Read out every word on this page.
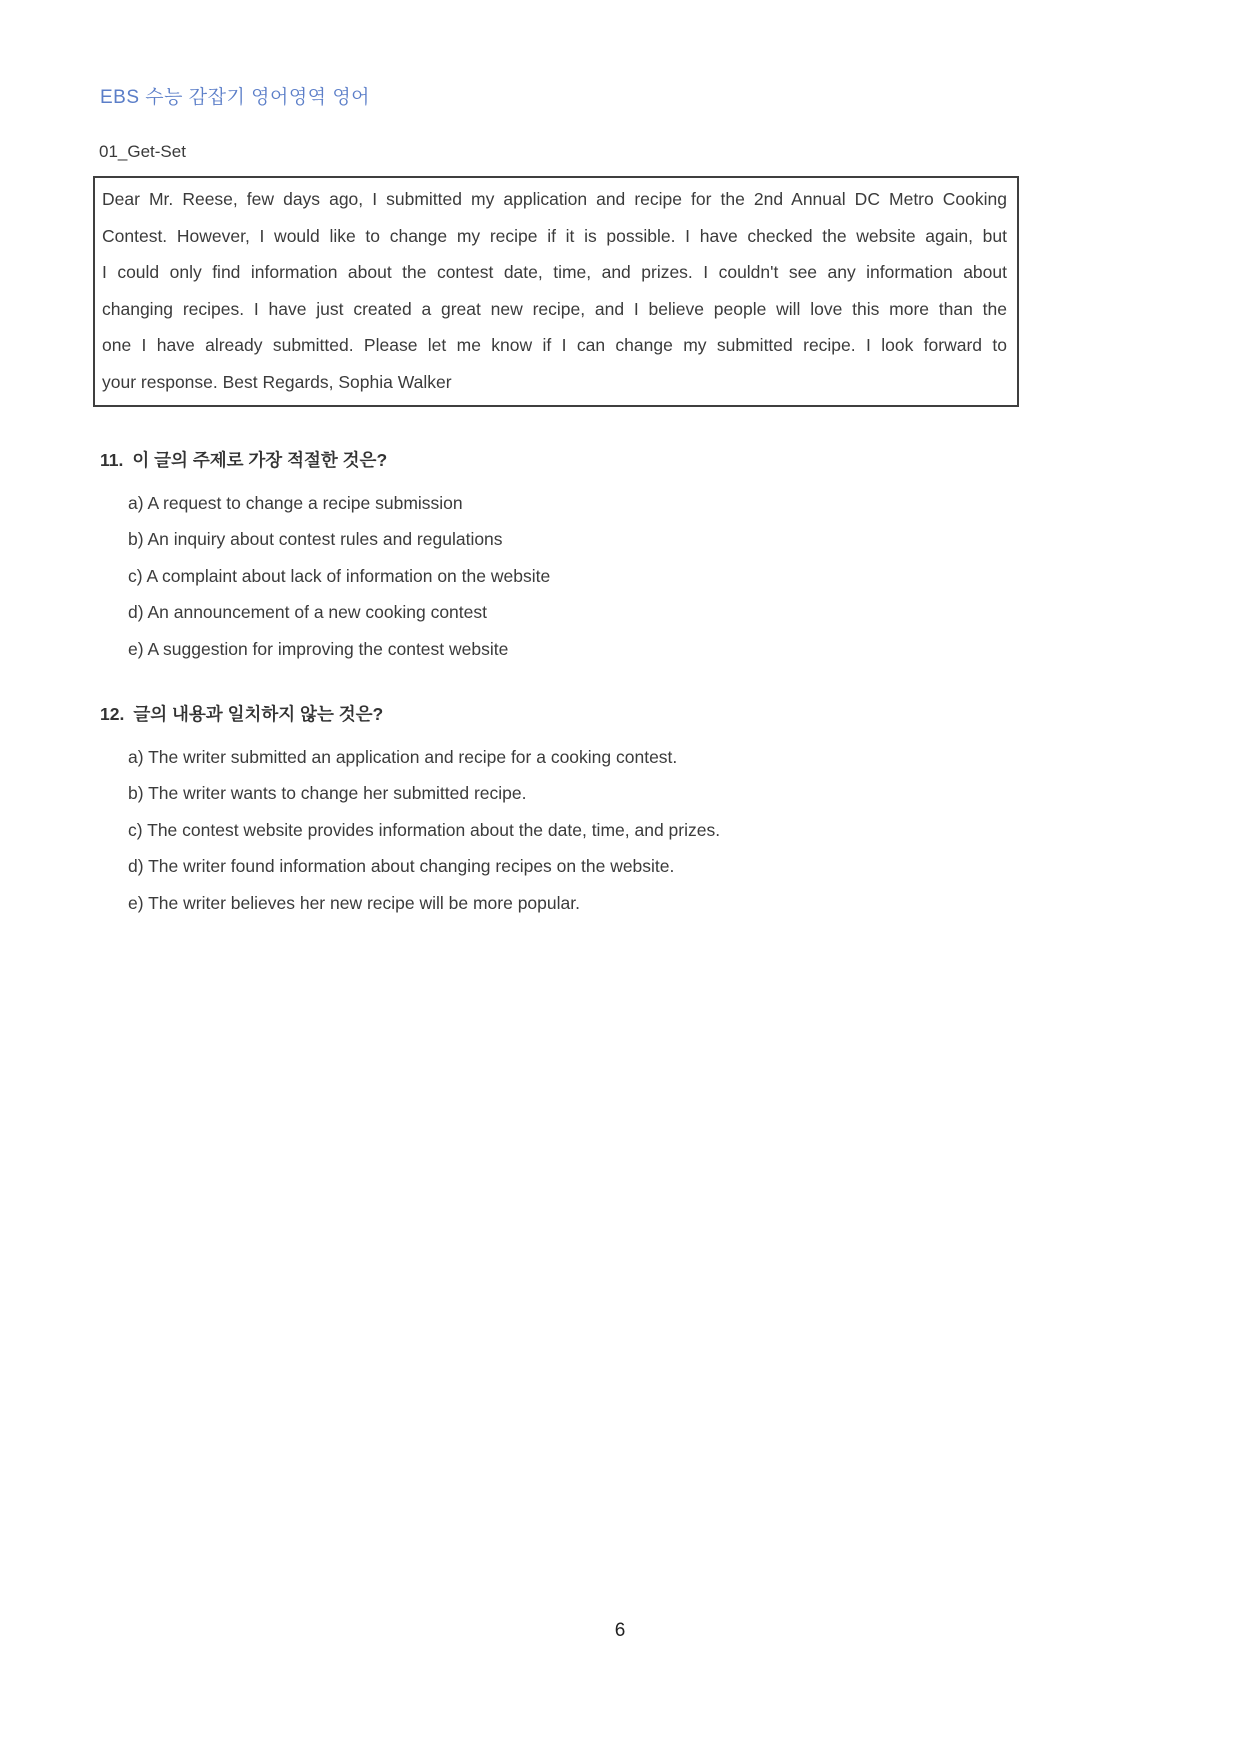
EBS 수능 감잡기 영어영역 영어
01_Get-Set
Dear Mr. Reese, few days ago, I submitted my application and recipe for the 2nd Annual DC Metro Cooking
Contest. However, I would like to change my recipe if it is possible. I have checked the website again, but
I could only find information about the contest date, time, and prizes. I couldn't see any information about
changing recipes. I have just created a great new recipe, and I believe people will love this more than the
one I have already submitted. Please let me know if I can change my submitted recipe. I look forward to
your response. Best Regards, Sophia Walker
11. 이 글의 주제로 가장 적절한 것은?
a) A request to change a recipe submission
b) An inquiry about contest rules and regulations
c) A complaint about lack of information on the website
d) An announcement of a new cooking contest
e) A suggestion for improving the contest website
12. 글의 내용과 일치하지 않는 것은?
a) The writer submitted an application and recipe for a cooking contest.
b) The writer wants to change her submitted recipe.
c) The contest website provides information about the date, time, and prizes.
d) The writer found information about changing recipes on the website.
e) The writer believes her new recipe will be more popular.
6
